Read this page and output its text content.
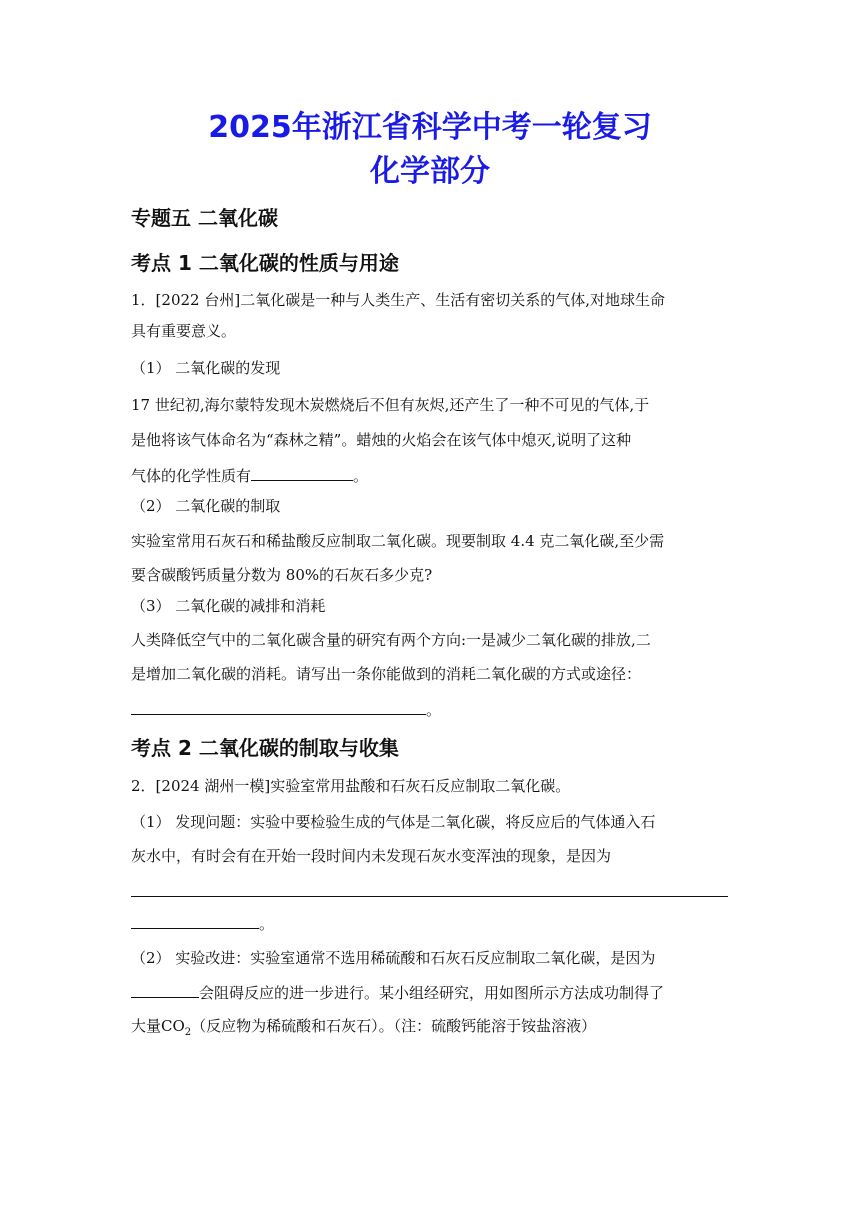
2025年浙江省科学中考一轮复习
化学部分
专题五 二氧化碳
考点 1 二氧化碳的性质与用途
1．[2022 台州]二氧化碳是一种与人类生产、生活有密切关系的气体,对地球生命
具有重要意义。
（1） 二氧化碳的发现
17 世纪初,海尔蒙特发现木炭燃烧后不但有灰烬,还产生了一种不可见的气体,于
是他将该气体命名为“森林之精”。蜡烛的火焰会在该气体中熄灭,说明了这种
气体的化学性质有	。
（2） 二氧化碳的制取
实验室常用石灰石和稀盐酸反应制取二氧化碳。现要制取 4.4 克二氧化碳,至少需
要含碳酸钙质量分数为 80%的石灰石多少克?
（3） 二氧化碳的减排和消耗
人类降低空气中的二氧化碳含量的研究有两个方向:一是减少二氧化碳的排放,二
是增加二氧化碳的消耗。请写出一条你能做到的消耗二氧化碳的方式或途径：
。
考点 2 二氧化碳的制取与收集
2．[2024 湖州一模]实验室常用盐酸和石灰石反应制取二氧化碳。
（1） 发现问题：实验中要检验生成的气体是二氧化碳，将反应后的气体通入石
灰水中，有时会有在开始一段时间内未发现石灰水变浑浊的现象，是因为
。
（2） 实验改进：实验室通常不选用稀硫酸和石灰石反应制取二氧化碳，是因为
会阻碍反应的进一步进行。某小组经研究，用如图所示方法成功制得了
大量$CO_2$（反应物为稀硫酸和石灰石）。（注：硫酸钙能溶于铵盐溶液）
